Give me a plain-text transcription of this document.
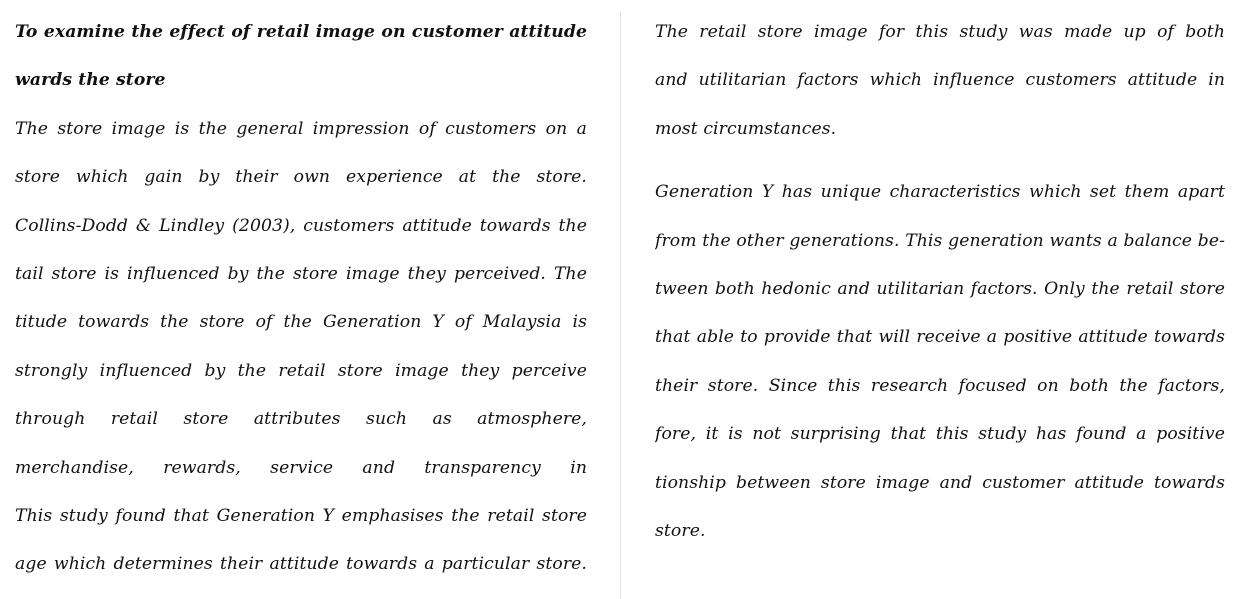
To examine the effect of retail image on customer attitude
wards the store
The store image is the general impression of customers on a
store which gain by their own experience at the store.
Collins-Dodd & Lindley (2003), customers attitude towards the
tail store is influenced by the store image they perceived. The
titude towards the store of the Generation Y of Malaysia is
strongly influenced by the retail store image they perceive
through retail store attributes such as atmosphere,
merchandise, rewards, service and transparency in
This study found that Generation Y emphasises the retail store
age which determines their attitude towards a particular store.
The retail store image for this study was made up of both
and utilitarian factors which influence customers attitude in
most circumstances.
Generation Y has unique characteristics which set them apart
from the other generations. This generation wants a balance be-
tween both hedonic and utilitarian factors. Only the retail store
that able to provide that will receive a positive attitude towards
their store. Since this research focused on both the factors,
fore, it is not surprising that this study has found a positive
tionship between store image and customer attitude towards
store.
